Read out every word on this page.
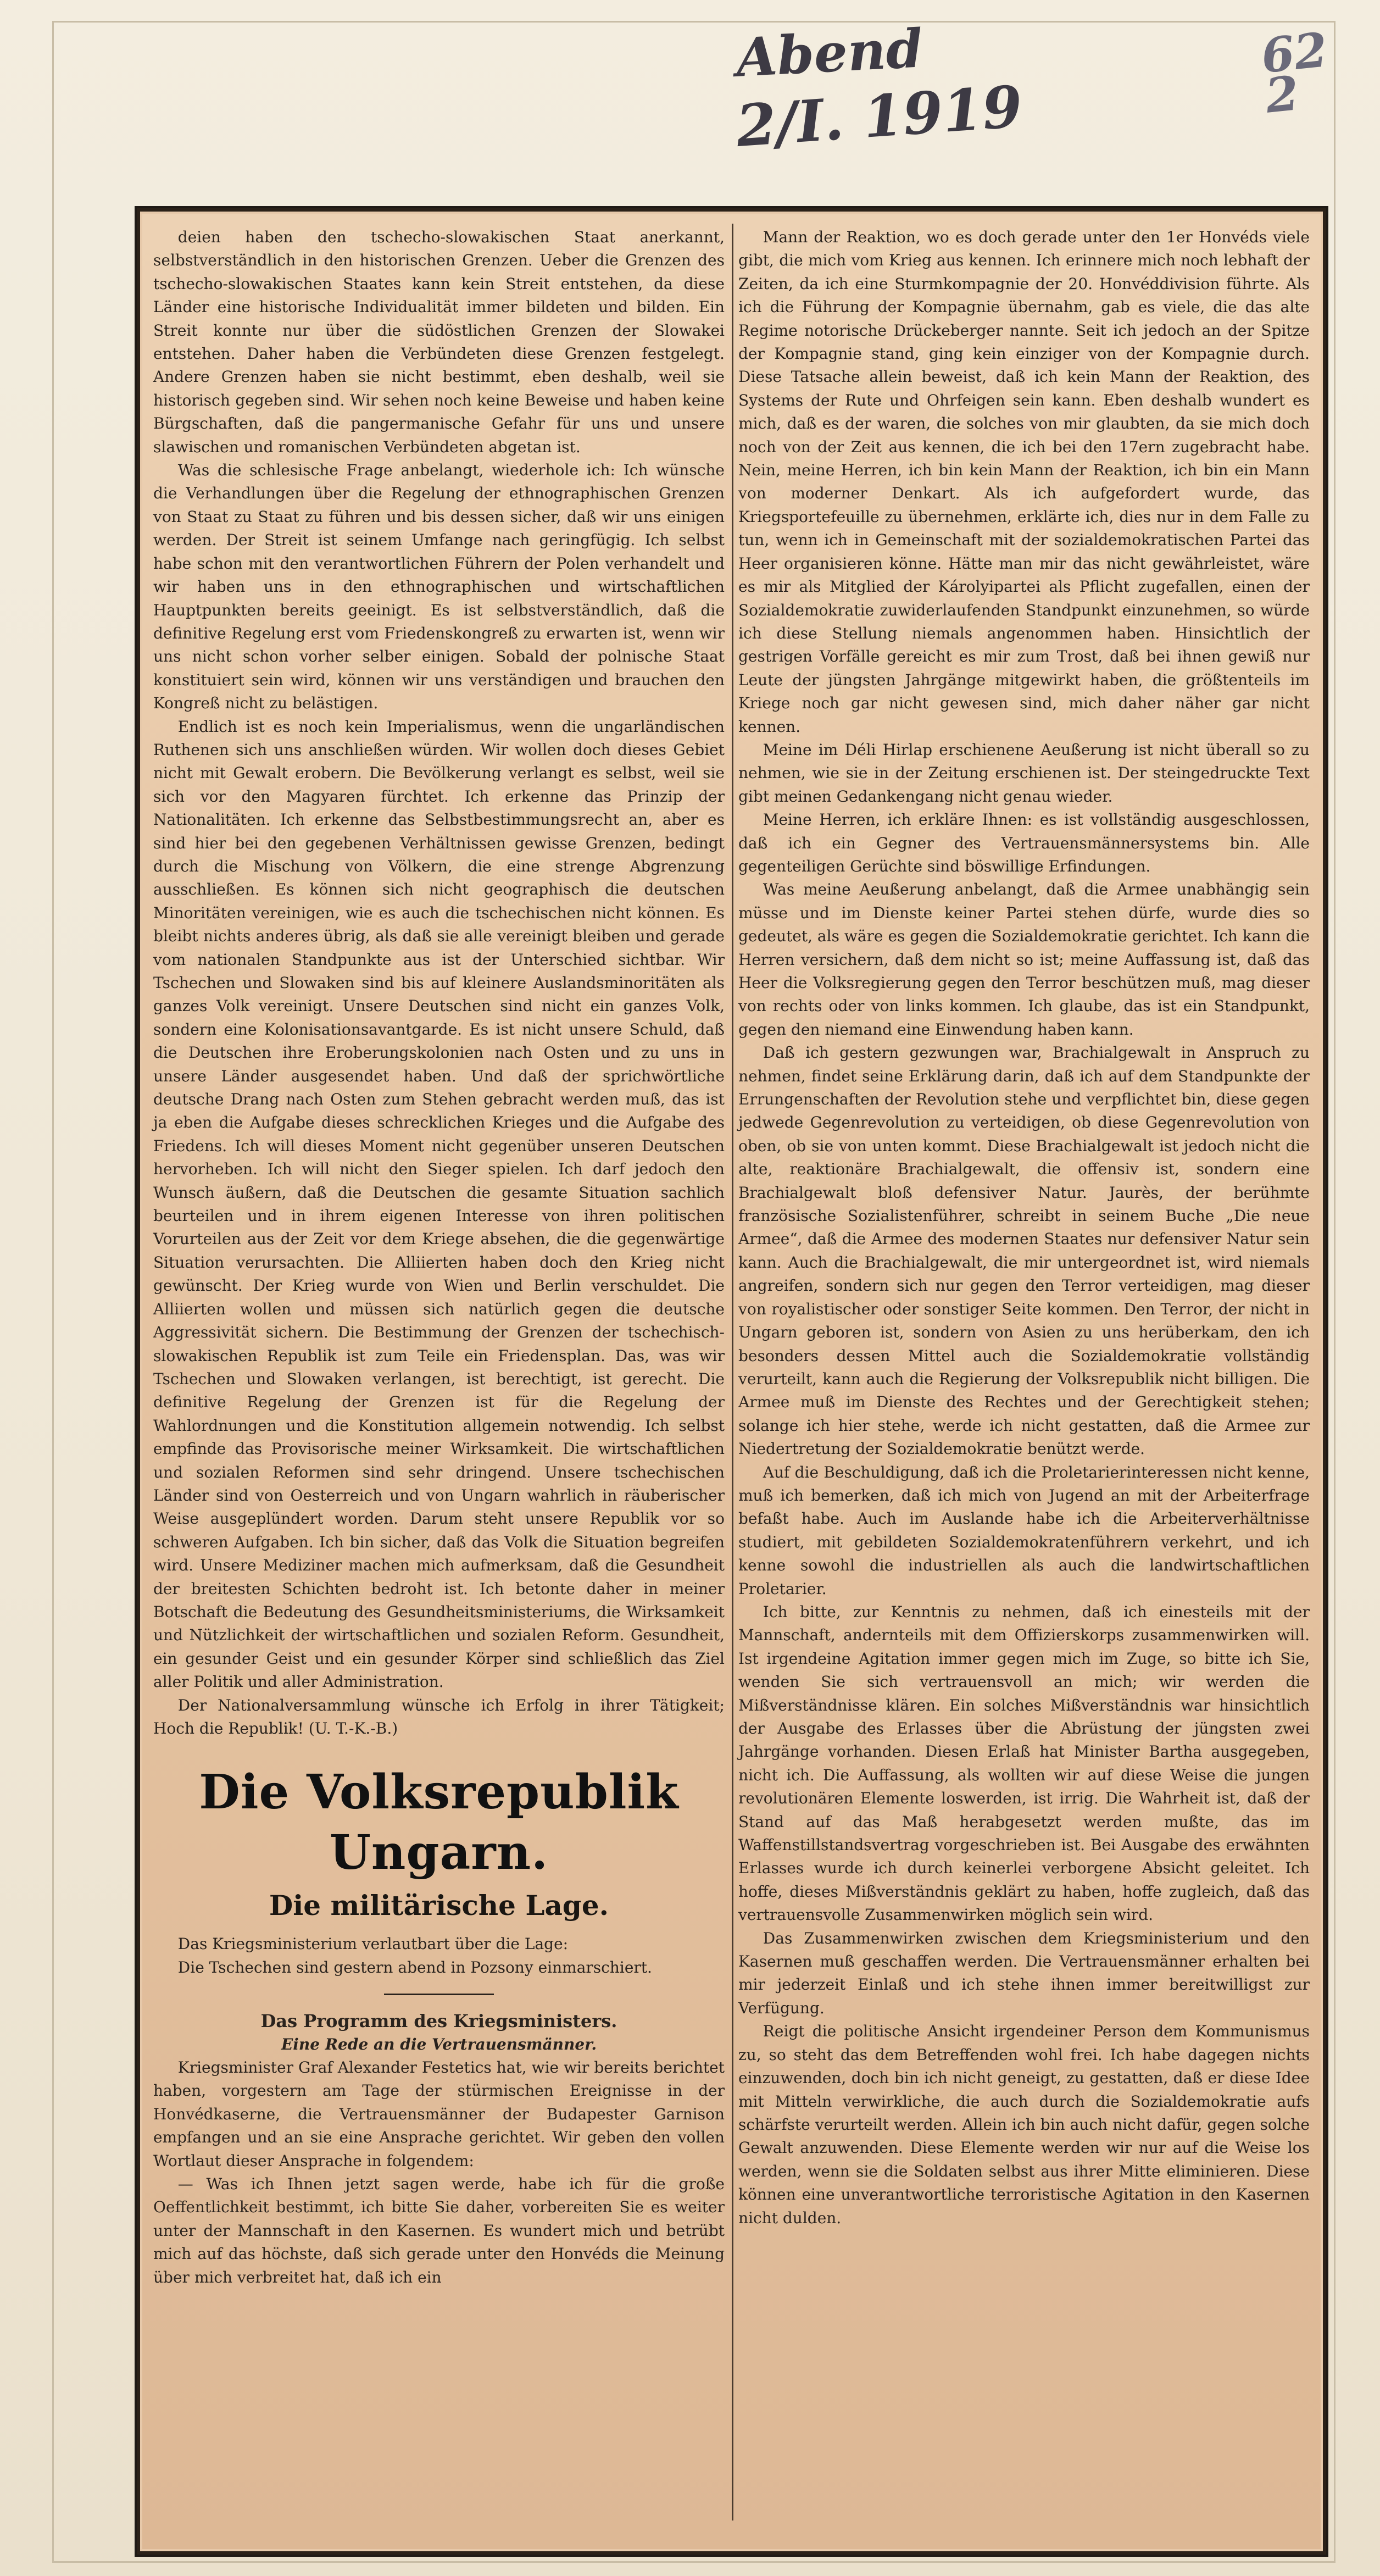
Abend
2/I. 1919
62
2

deien haben den tschecho-slowakischen Staat anerkannt, selbstverständlich in den historischen Grenzen. Ueber die Grenzen des tschecho-slowakischen Staates kann kein Streit entstehen, da diese Länder eine historische Individualität immer bildeten und bilden. Ein Streit konnte nur über die südöstlichen Grenzen der Slowakei entstehen. Daher haben die Verbündeten diese Grenzen festgelegt. Andere Grenzen haben sie nicht bestimmt, eben deshalb, weil sie historisch gegeben sind. Wir sehen noch keine Beweise und haben keine Bürgschaften, daß die pangermanische Gefahr für uns und unsere slawischen und romanischen Verbündeten abgetan ist.

Was die schlesische Frage anbelangt, wiederhole ich: Ich wünsche die Verhandlungen über die Regelung der ethnographischen Grenzen von Staat zu Staat zu führen und bis dessen sicher, daß wir uns einigen werden. Der Streit ist seinem Umfange nach geringfügig. Ich selbst habe schon mit den verantwortlichen Führern der Polen verhandelt und wir haben uns in den ethnographischen und wirtschaftlichen Hauptpunkten bereits geeinigt. Es ist selbstverständlich, daß die definitive Regelung erst vom Friedenskongreß zu erwarten ist, wenn wir uns nicht schon vorher selber einigen. Sobald der polnische Staat konstituiert sein wird, können wir uns verständigen und brauchen den Kongreß nicht zu belästigen.

Endlich ist es noch kein Imperialismus, wenn die ungarländischen Ruthenen sich uns anschließen würden. Wir wollen doch dieses Gebiet nicht mit Gewalt erobern. Die Bevölkerung verlangt es selbst, weil sie sich vor den Magyaren fürchtet. Ich erkenne das Prinzip der Nationalitäten. Ich erkenne das Selbstbestimmungsrecht an, aber es sind hier bei den gegebenen Verhältnissen gewisse Grenzen, bedingt durch die Mischung von Völkern, die eine strenge Abgrenzung ausschließen. Es können sich nicht geographisch die deutschen Minoritäten vereinigen, wie es auch die tschechischen nicht können. Es bleibt nichts anderes übrig, als daß sie alle vereinigt bleiben und gerade vom nationalen Standpunkte aus ist der Unterschied sichtbar. Wir Tschechen und Slowaken sind bis auf kleinere Auslandsminoritäten als ganzes Volk vereinigt. Unsere Deutschen sind nicht ein ganzes Volk, sondern eine Kolonisationsavantgarde. Es ist nicht unsere Schuld, daß die Deutschen ihre Eroberungskolonien nach Osten und zu uns in unsere Länder ausgesendet haben. Und daß der sprichwörtliche deutsche Drang nach Osten zum Stehen gebracht werden muß, das ist ja eben die Aufgabe dieses schrecklichen Krieges und die Aufgabe des Friedens. Ich will dieses Moment nicht gegenüber unseren Deutschen hervorheben. Ich will nicht den Sieger spielen. Ich darf jedoch den Wunsch äußern, daß die Deutschen die gesamte Situation sachlich beurteilen und in ihrem eigenen Interesse von ihren politischen Vorurteilen aus der Zeit vor dem Kriege absehen, die die gegenwärtige Situation verursachten. Die Alliierten haben doch den Krieg nicht gewünscht. Der Krieg wurde von Wien und Berlin verschuldet. Die Alliierten wollen und müssen sich natürlich gegen die deutsche Aggressivität sichern. Die Bestimmung der Grenzen der tschechisch-slowakischen Republik ist zum Teile ein Friedensplan. Das, was wir Tschechen und Slowaken verlangen, ist berechtigt, ist gerecht. Die definitive Regelung der Grenzen ist für die Regelung der Wahlordnungen und die Konstitution allgemein notwendig. Ich selbst empfinde das Provisorische meiner Wirksamkeit. Die wirtschaftlichen und sozialen Reformen sind sehr dringend. Unsere tschechischen Länder sind von Oesterreich und von Ungarn wahrlich in räuberischer Weise ausgeplündert worden. Darum steht unsere Republik vor so schweren Aufgaben. Ich bin sicher, daß das Volk die Situation begreifen wird. Unsere Mediziner machen mich aufmerksam, daß die Gesundheit der breitesten Schichten bedroht ist. Ich betonte daher in meiner Botschaft die Bedeutung des Gesundheitsministeriums, die Wirksamkeit und Nützlichkeit der wirtschaftlichen und sozialen Reform. Gesundheit, ein gesunder Geist und ein gesunder Körper sind schließlich das Ziel aller Politik und aller Administration.

Der Nationalversammlung wünsche ich Erfolg in ihrer Tätigkeit; Hoch die Republik! (U. T.-K.-B.)

Die Volksrepublik Ungarn.
Die militärische Lage.

Das Kriegsministerium verlautbart über die Lage:

Die Tschechen sind gestern abend in Pozsony einmarschiert.

Das Programm des Kriegsministers.

Eine Rede an die Vertrauensmänner.

Kriegsminister Graf Alexander Festetics hat, wie wir bereits berichtet haben, vorgestern am Tage der stürmischen Ereignisse in der Honvédkaserne, die Vertrauensmänner der Budapester Garnison empfangen und an sie eine Ansprache gerichtet. Wir geben den vollen Wortlaut dieser Ansprache in folgendem:

— Was ich Ihnen jetzt sagen werde, habe ich für die große Oeffentlichkeit bestimmt, ich bitte Sie daher, vorbereiten Sie es weiter unter der Mannschaft in den Kasernen. Es wundert mich und betrübt mich auf das höchste, daß sich gerade unter den Honvéds die Meinung über mich verbreitet hat, daß ich ein

Mann der Reaktion, wo es doch gerade unter den 1er Honvéds viele gibt, die mich vom Krieg aus kennen. Ich erinnere mich noch lebhaft der Zeiten, da ich eine Sturmkompagnie der 20. Honvéddivision führte. Als ich die Führung der Kompagnie übernahm, gab es viele, die das alte Regime notorische Drückeberger nannte. Seit ich jedoch an der Spitze der Kompagnie stand, ging kein einziger von der Kompagnie durch. Diese Tatsache allein beweist, daß ich kein Mann der Reaktion, des Systems der Rute und Ohrfeigen sein kann. Eben deshalb wundert es mich, daß es der waren, die solches von mir glaubten, da sie mich doch noch von der Zeit aus kennen, die ich bei den 17ern zugebracht habe. Nein, meine Herren, ich bin kein Mann der Reaktion, ich bin ein Mann von moderner Denkart. Als ich aufgefordert wurde, das Kriegsportefeuille zu übernehmen, erklärte ich, dies nur in dem Falle zu tun, wenn ich in Gemeinschaft mit der sozialdemokratischen Partei das Heer organisieren könne. Hätte man mir das nicht gewährleistet, wäre es mir als Mitglied der Károlyipartei als Pflicht zugefallen, einen der Sozialdemokratie zuwiderlaufenden Standpunkt einzunehmen, so würde ich diese Stellung niemals angenommen haben. Hinsichtlich der gestrigen Vorfälle gereicht es mir zum Trost, daß bei ihnen gewiß nur Leute der jüngsten Jahrgänge mitgewirkt haben, die größtenteils im Kriege noch gar nicht gewesen sind, mich daher näher gar nicht kennen.

Meine im Déli Hirlap erschienene Aeußerung ist nicht überall so zu nehmen, wie sie in der Zeitung erschienen ist. Der steingedruckte Text gibt meinen Gedankengang nicht genau wieder.

Meine Herren, ich erkläre Ihnen: es ist vollständig ausgeschlossen, daß ich ein Gegner des Vertrauensmännersystems bin. Alle gegenteiligen Gerüchte sind böswillige Erfindungen.

Was meine Aeußerung anbelangt, daß die Armee unabhängig sein müsse und im Dienste keiner Partei stehen dürfe, wurde dies so gedeutet, als wäre es gegen die Sozialdemokratie gerichtet. Ich kann die Herren versichern, daß dem nicht so ist; meine Auffassung ist, daß das Heer die Volksregierung gegen den Terror beschützen muß, mag dieser von rechts oder von links kommen. Ich glaube, das ist ein Standpunkt, gegen den niemand eine Einwendung haben kann.

Daß ich gestern gezwungen war, Brachialgewalt in Anspruch zu nehmen, findet seine Erklärung darin, daß ich auf dem Standpunkte der Errungenschaften der Revolution stehe und verpflichtet bin, diese gegen jedwede Gegenrevolution zu verteidigen, ob diese Gegenrevolution von oben, ob sie von unten kommt. Diese Brachialgewalt ist jedoch nicht die alte, reaktionäre Brachialgewalt, die offensiv ist, sondern eine Brachialgewalt bloß defensiver Natur. Jaurès, der berühmte französische Sozialistenführer, schreibt in seinem Buche „Die neue Armee“, daß die Armee des modernen Staates nur defensiver Natur sein kann. Auch die Brachialgewalt, die mir untergeordnet ist, wird niemals angreifen, sondern sich nur gegen den Terror verteidigen, mag dieser von royalistischer oder sonstiger Seite kommen. Den Terror, der nicht in Ungarn geboren ist, sondern von Asien zu uns herüberkam, den ich besonders dessen Mittel auch die Sozialdemokratie vollständig verurteilt, kann auch die Regierung der Volksrepublik nicht billigen. Die Armee muß im Dienste des Rechtes und der Gerechtigkeit stehen; solange ich hier stehe, werde ich nicht gestatten, daß die Armee zur Niedertretung der Sozialdemokratie benützt werde.

Auf die Beschuldigung, daß ich die Proletarierinteressen nicht kenne, muß ich bemerken, daß ich mich von Jugend an mit der Arbeiterfrage befaßt habe. Auch im Auslande habe ich die Arbeiterverhältnisse studiert, mit gebildeten Sozialdemokratenführern verkehrt, und ich kenne sowohl die industriellen als auch die landwirtschaftlichen Proletarier.

Ich bitte, zur Kenntnis zu nehmen, daß ich einesteils mit der Mannschaft, andernteils mit dem Offizierskorps zusammenwirken will. Ist irgendeine Agitation immer gegen mich im Zuge, so bitte ich Sie, wenden Sie sich vertrauensvoll an mich; wir werden die Mißverständnisse klären. Ein solches Mißverständnis war hinsichtlich der Ausgabe des Erlasses über die Abrüstung der jüngsten zwei Jahrgänge vorhanden. Diesen Erlaß hat Minister Bartha ausgegeben, nicht ich. Die Auffassung, als wollten wir auf diese Weise die jungen revolutionären Elemente loswerden, ist irrig. Die Wahrheit ist, daß der Stand auf das Maß herabgesetzt werden mußte, das im Waffenstillstandsvertrag vorgeschrieben ist. Bei Ausgabe des erwähnten Erlasses wurde ich durch keinerlei verborgene Absicht geleitet. Ich hoffe, dieses Mißverständnis geklärt zu haben, hoffe zugleich, daß das vertrauensvolle Zusammenwirken möglich sein wird.

Das Zusammenwirken zwischen dem Kriegsministerium und den Kasernen muß geschaffen werden. Die Vertrauensmänner erhalten bei mir jederzeit Einlaß und ich stehe ihnen immer bereitwilligst zur Verfügung.

Reigt die politische Ansicht irgendeiner Person dem Kommunismus zu, so steht das dem Betreffenden wohl frei. Ich habe dagegen nichts einzuwenden, doch bin ich nicht geneigt, zu gestatten, daß er diese Idee mit Mitteln verwirkliche, die auch durch die Sozialdemokratie aufs schärfste verurteilt werden. Allein ich bin auch nicht dafür, gegen solche Gewalt anzuwenden. Diese Elemente werden wir nur auf die Weise los werden, wenn sie die Soldaten selbst aus ihrer Mitte eliminieren. Diese können eine unverantwortliche terroristische Agitation in den Kasernen nicht dulden.
